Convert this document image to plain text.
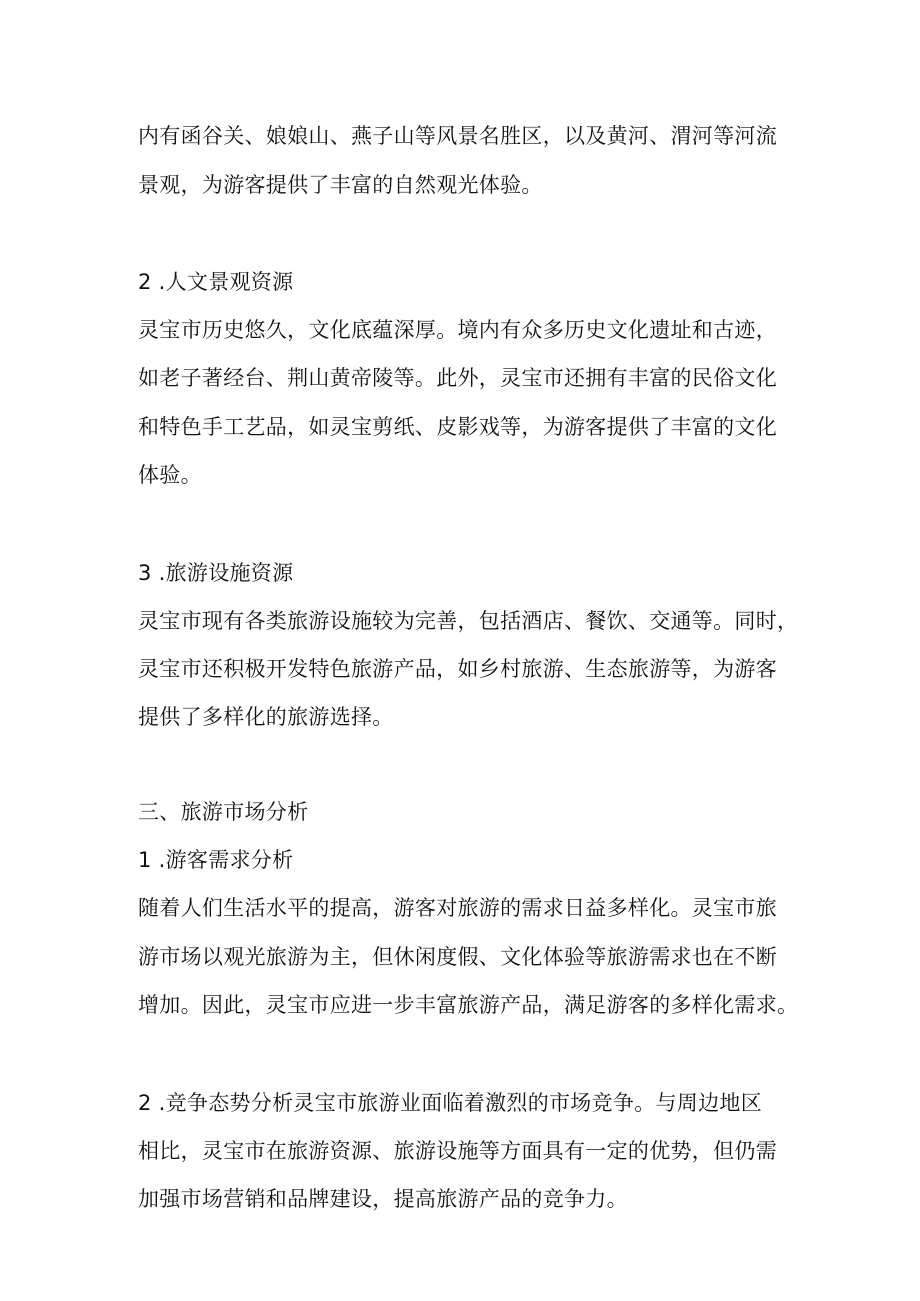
内有函谷关、娘娘山、燕子山等风景名胜区，以及黄河、渭河等河流
景观，为游客提供了丰富的自然观光体验。
2 .人文景观资源
灵宝市历史悠久，文化底蕴深厚。境内有众多历史文化遗址和古迹，
如老子著经台、荆山黄帝陵等。此外，灵宝市还拥有丰富的民俗文化
和特色手工艺品，如灵宝剪纸、皮影戏等，为游客提供了丰富的文化
体验。
3 .旅游设施资源
灵宝市现有各类旅游设施较为完善，包括酒店、餐饮、交通等。同时，
灵宝市还积极开发特色旅游产品，如乡村旅游、生态旅游等，为游客
提供了多样化的旅游选择。
三、旅游市场分析
1 .游客需求分析
随着人们生活水平的提高，游客对旅游的需求日益多样化。灵宝市旅
游市场以观光旅游为主，但休闲度假、文化体验等旅游需求也在不断
增加。因此，灵宝市应进一步丰富旅游产品，满足游客的多样化需求。
2 .竞争态势分析灵宝市旅游业面临着激烈的市场竞争。与周边地区
相比，灵宝市在旅游资源、旅游设施等方面具有一定的优势，但仍需
加强市场营销和品牌建设，提高旅游产品的竞争力。
